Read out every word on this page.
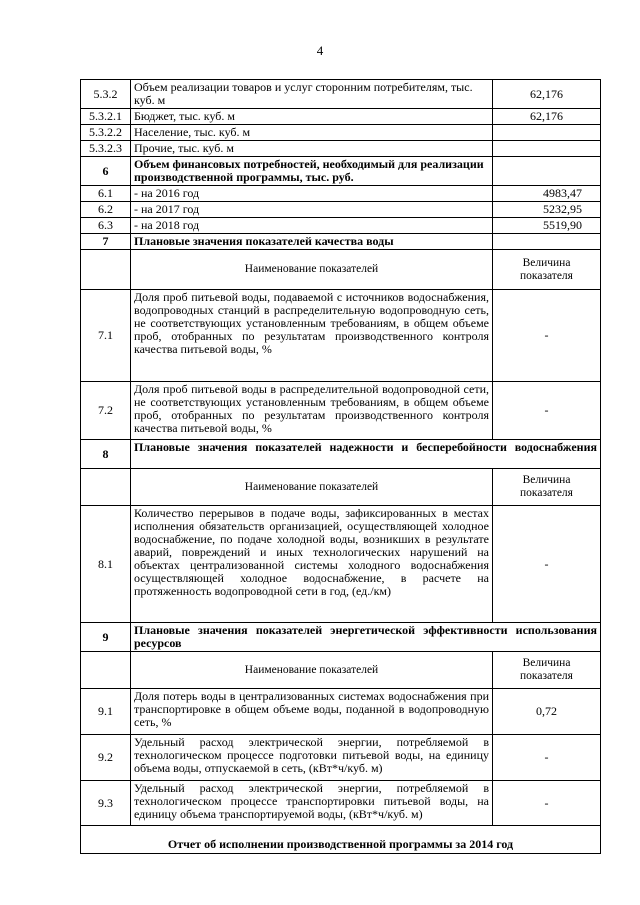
4
5.3.2	Объем реализации товаров и услуг сторонним потребителям, тыс. куб. м	62,176
5.3.2.1	Бюджет, тыс. куб. м	62,176
5.3.2.2	Население, тыс. куб. м	
5.3.2.3	Прочие, тыс. куб. м	
6	Объем финансовых потребностей, необходимый для реализации производственной программы, тыс. руб.	
6.1	- на 2016 год	4983,47
6.2	- на 2017 год	5232,95
6.3	- на 2018 год	5519,90
7	Плановые значения показателей качества воды	
	Наименование показателей	Величина показателя
7.1	Доля проб питьевой воды, подаваемой с источников водоснабжения, водопроводных станций в распределительную водопроводную сеть, не соответствующих установленным требованиям, в общем объеме проб, отобранных по результатам производственного контроля качества питьевой воды, %	-
7.2	Доля проб питьевой воды в распределительной водопроводной сети, не соответствующих установленным требованиям, в общем объеме проб, отобранных по результатам производственного контроля качества питьевой воды, %	-
8	Плановые значения показателей надежности и бесперебойности водоснабжения	
	Наименование показателей	Величина показателя
8.1	Количество перерывов в подаче воды, зафиксированных в местах исполнения обязательств организацией, осуществляющей холодное водоснабжение, по подаче холодной воды, возникших в результате аварий, повреждений и иных технологических нарушений на объектах централизованной системы холодного водоснабжения осуществляющей холодное водоснабжение, в расчете на протяженность водопроводной сети в год, (ед./км)	-
9	Плановые значения показателей энергетической эффективности использования ресурсов	
	Наименование показателей	Величина показателя
9.1	Доля потерь воды в централизованных системах водоснабжения при транспортировке в общем объеме воды, поданной в водопроводную сеть, %	0,72
9.2	Удельный расход электрической энергии, потребляемой в технологическом процессе подготовки питьевой воды, на единицу объема воды, отпускаемой в сеть, (кВт*ч/куб. м)	-
9.3	Удельный расход электрической энергии, потребляемой в технологическом процессе транспортировки питьевой воды, на единицу объема транспортируемой воды, (кВт*ч/куб. м)	-
Отчет об исполнении производственной программы за 2014 год		
